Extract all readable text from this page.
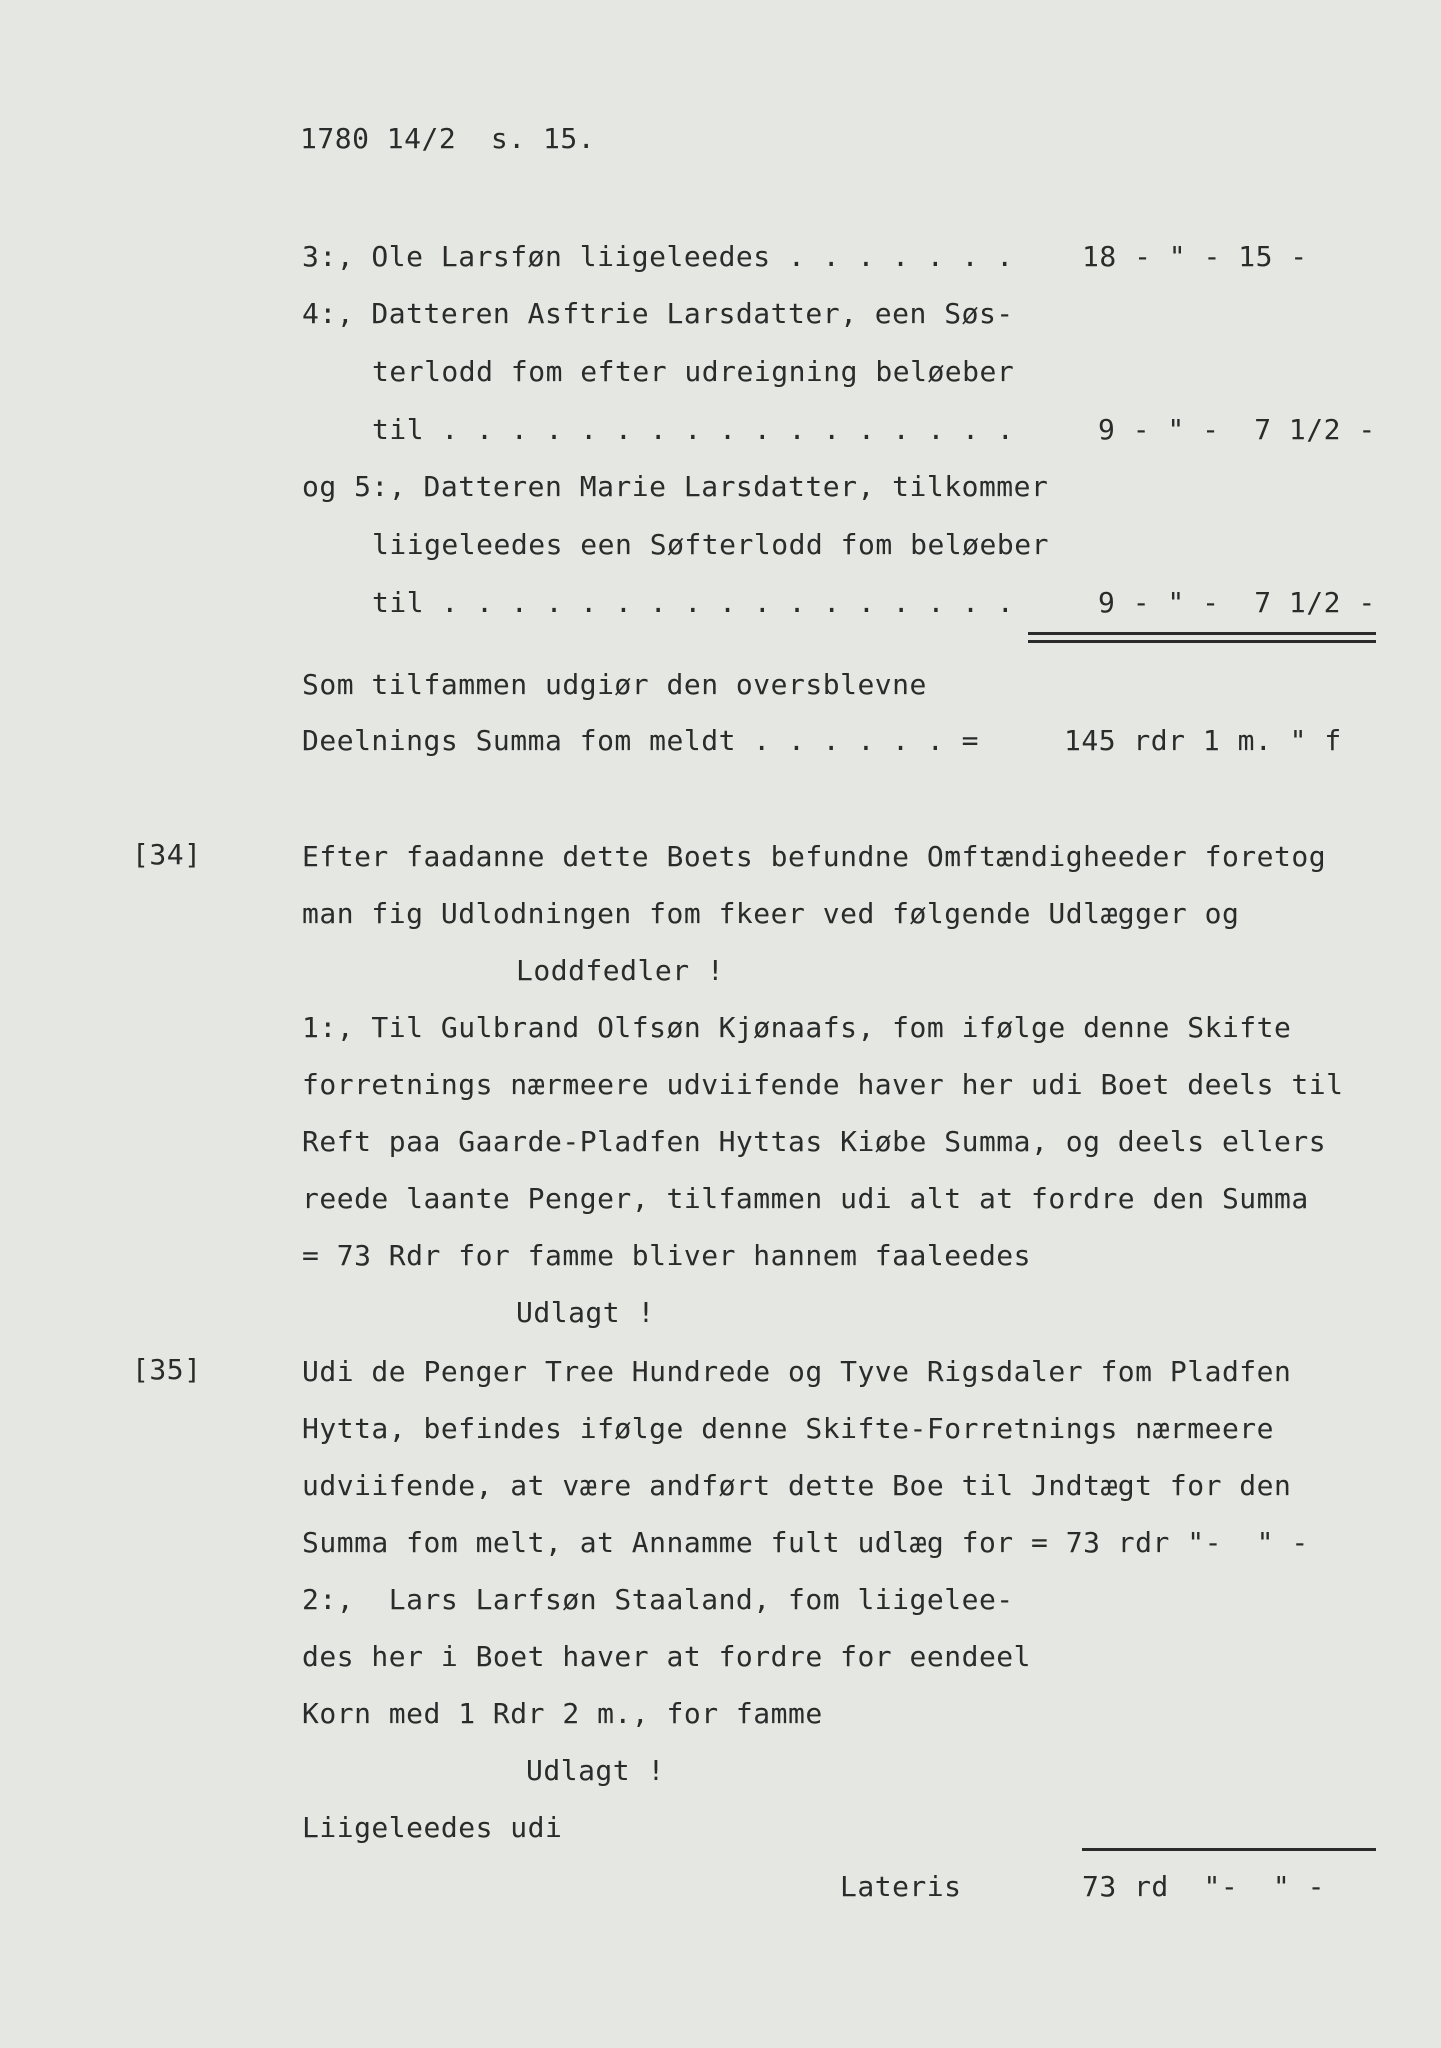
1780 14/2  s. 15.
3:, Ole Larsføn liigeleedes . . . . . . . 18 - " - 15 -
4:, Datteren Asftrie Larsdatter, een Søs-
terlodd fom efter udreigning beløeber
til . . . . . . . . . . . . . . . . .	9 - " -  7 1/2 -
og 5:, Datteren Marie Larsdatter, tilkommer
liigeleedes een Søfterlodd fom beløeber
til . . . . . . . . . . . . . . . . .	9 - " -  7 1/2 -
Som tilfammen udgiør den oversblevne
Deelnings Summa fom meldt . . . . . . =	145 rdr 1 m. " f
[34]	Efter faadanne dette Boets befundne Omftændigheeder foretog
man fig Udlodningen fom fkeer ved følgende Udlægger og
Loddfedler !
1:, Til Gulbrand Olfsøn Kjønaafs, fom ifølge denne Skifte
forretnings nærmeere udviifende haver her udi Boet deels til
Reft paa Gaarde-Pladfen Hyttas Kiøbe Summa, og deels ellers
reede laante Penger, tilfammen udi alt at fordre den Summa
= 73 Rdr for famme bliver hannem faaleedes
Udlagt !
[35]	Udi de Penger Tree Hundrede og Tyve Rigsdaler fom Pladfen
Hytta, befindes ifølge denne Skifte-Forretnings nærmeere
udviifende, at være andført dette Boe til Jndtægt for den
Summa fom melt, at Annamme fult udlæg for = 73 rdr "-  " -
2:,  Lars Larfsøn Staaland, fom liigelee-
des her i Boet haver at fordre for eendeel
Korn med 1 Rdr 2 m., for famme
Udlagt !
Liigeleedes udi
Lateris	73 rd  "-  " -
